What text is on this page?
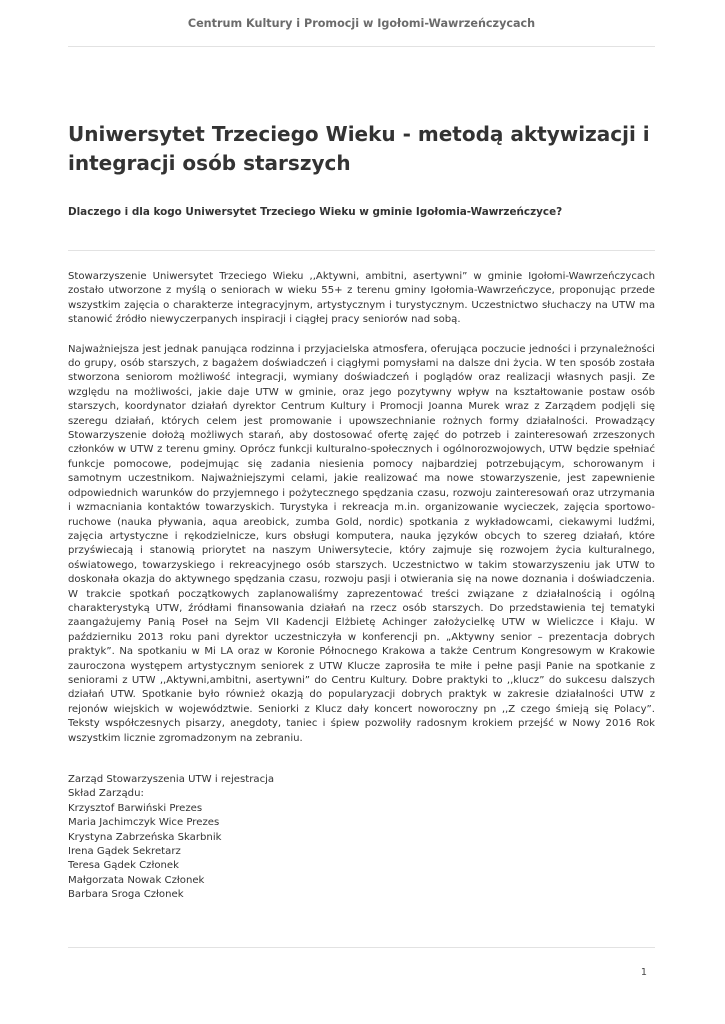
Centrum Kultury i Promocji w Igołomi-Wawrzeńczycach
Uniwersytet Trzeciego Wieku - metodą aktywizacji i integracji osób starszych
Dlaczego i dla kogo Uniwersytet Trzeciego Wieku w gminie Igołomia-Wawrzeńczyce?

Stowarzyszenie Uniwersytet Trzeciego Wieku ,,Aktywni, ambitni, asertywni” w gminie Igołomi-Wawrzeńczycach zostało utworzone z myślą o seniorach w wieku 55+ z terenu gminy Igołomia-Wawrzeńczyce, proponując przede wszystkim zajęcia o charakterze integracyjnym, artystycznym i turystycznym. Uczestnictwo słuchaczy na UTW ma stanowić źródło niewyczerpanych inspiracji i ciągłej pracy seniorów nad sobą.

Najważniejsza jest jednak panująca rodzinna i przyjacielska atmosfera, oferująca poczucie jedności i przynależności do grupy, osób starszych, z bagażem doświadczeń i ciągłymi pomysłami na dalsze dni życia. W ten sposób została stworzona seniorom możliwość integracji, wymiany doświadczeń i poglądów oraz realizacji własnych pasji. Ze względu na możliwości, jakie daje UTW w gminie, oraz jego pozytywny wpływ na kształtowanie postaw osób starszych, koordynator działań dyrektor Centrum Kultury i Promocji Joanna Murek wraz z Zarządem podjęli się szeregu działań, których celem jest promowanie i upowszechnianie rożnych formy działalności. Prowadzący Stowarzyszenie dołożą możliwych starań, aby dostosować ofertę zajęć do potrzeb i zainteresowań zrzeszonych członków w UTW z terenu gminy. Oprócz funkcji kulturalno-społecznych i ogólnorozwojowych, UTW będzie spełniać funkcje pomocowe, podejmując się zadania niesienia pomocy najbardziej potrzebującym, schorowanym i samotnym uczestnikom. Najważniejszymi celami, jakie realizować ma nowe stowarzyszenie, jest zapewnienie odpowiednich warunków do przyjemnego i pożytecznego spędzania czasu, rozwoju zainteresowań oraz utrzymania i wzmacniania kontaktów towarzyskich. Turystyka i rekreacja m.in. organizowanie wycieczek, zajęcia sportowo-ruchowe (nauka pływania, aqua areobick, zumba Gold, nordic) spotkania z wykładowcami, ciekawymi ludźmi, zajęcia artystyczne i rękodzielnicze, kurs obsługi komputera, nauka języków obcych to szereg działań, które przyświecają i stanowią priorytet na naszym Uniwersytecie, który zajmuje się rozwojem życia kulturalnego, oświatowego, towarzyskiego i rekreacyjnego osób starszych. Uczestnictwo w takim stowarzyszeniu jak UTW to doskonała okazja do aktywnego spędzania czasu, rozwoju pasji i otwierania się na nowe doznania i doświadczenia. W trakcie spotkań początkowych zaplanowaliśmy zaprezentować treści związane z działalnością i ogólną charakterystyką UTW, źródłami finansowania działań na rzecz osób starszych. Do przedstawienia tej tematyki zaangażujemy Panią Poseł na Sejm VII Kadencji Elżbietę Achinger założycielkę UTW w Wieliczce i Kłaju. W październiku 2013 roku pani dyrektor uczestniczyła w konferencji pn. „Aktywny senior – prezentacja dobrych praktyk”. Na spotkaniu w Mi LA oraz w Koronie Północnego Krakowa a także Centrum Kongresowym w Krakowie zauroczona występem artystycznym seniorek z UTW Klucze zaprosiła te miłe i pełne pasji Panie na spotkanie z seniorami z UTW ,,Aktywni,ambitni, asertywni” do Centru Kultury. Dobre praktyki to ,,klucz” do sukcesu dalszych działań UTW. Spotkanie było również okazją do popularyzacji dobrych praktyk w zakresie działalności UTW z rejonów wiejskich w województwie. Seniorki z Klucz dały koncert noworoczny pn ,,Z czego śmieją się Polacy”. Teksty współczesnych pisarzy, anegdoty, taniec i śpiew pozwoliły radosnym krokiem przejść w Nowy 2016 Rok wszystkim licznie zgromadzonym na zebraniu.

Zarząd Stowarzyszenia UTW i rejestracja
Skład Zarządu:
Krzysztof Barwiński Prezes
Maria Jachimczyk Wice Prezes
Krystyna Zabrzeńska Skarbnik
Irena Gądek Sekretarz
Teresa Gądek Członek
Małgorzata Nowak Członek
Barbara Sroga Członek
1
